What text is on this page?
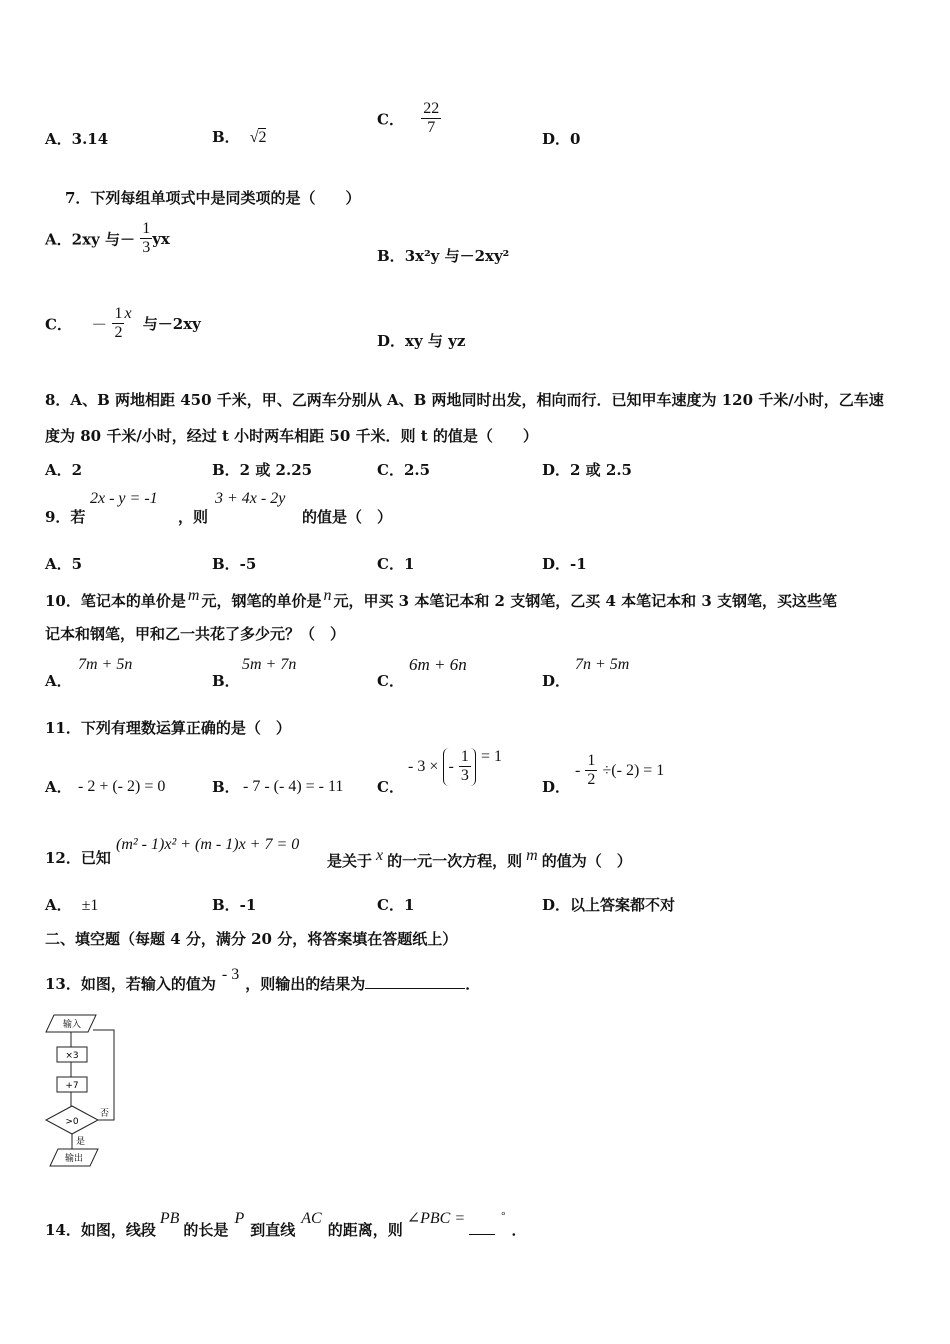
A．3.14	B． √2
C． $\frac{22}{7}$
D．0
7．下列每组单项式中是同类项的是（　　）
A．2xy 与－ $\frac{1}{3}$ yx
B．3x²y 与－2xy²
C． － $\frac{1}{2}$ x 与－2xy
D．xy 与 yz
8．A、B 两地相距 450 千米，甲、乙两车分别从 A、B 两地同时出发，相向而行．已知甲车速度为 120 千米/小时，乙车速
度为 80 千米/小时，经过 t 小时两车相距 50 千米．则 t 的值是（　　）
A．2	B．2 或 2.25	C．2.5	D．2 或 2.5
9．若
2x - y = -1
，则
3 + 4x - 2y
的值是（　）
A．5	B．-5	C．1	D．-1
10．笔记本的单价是 m 元，钢笔的单价是 n 元，甲买 3 本笔记本和 2 支钢笔，乙买 4 本笔记本和 3 支钢笔，买这些笔
记本和钢笔，甲和乙一共花了多少元？（　）
A．
7m + 5n
B．
5m + 7n
C．
6m + 6n
D．
7n + 5m
11．下列有理数运算正确的是（　）
A． - 2 + (- 2) = 0	B． - 7 - (- 4) = - 11 C．
- 3 × - $\frac{1}{3} = 1$
D．
- $\frac{1}{2}$ ÷(- 2) = 1
12．已知
(m² - 1)x² + (m - 1)x + 7 = 0
是关于 x 的一元一次方程，则 m 的值为（　）
A． ±1	B．-1	C．1	D．以上答案都不对
二、填空题（每题 4 分，满分 20 分，将答案填在答题纸上）
13．如图，若输入的值为- 3，则输出的结果为	．
输入
×3
+7
>0
否
是
输出
14．如图，线段PB的长是P到直线AC的距离，则∠PBC =	°．
